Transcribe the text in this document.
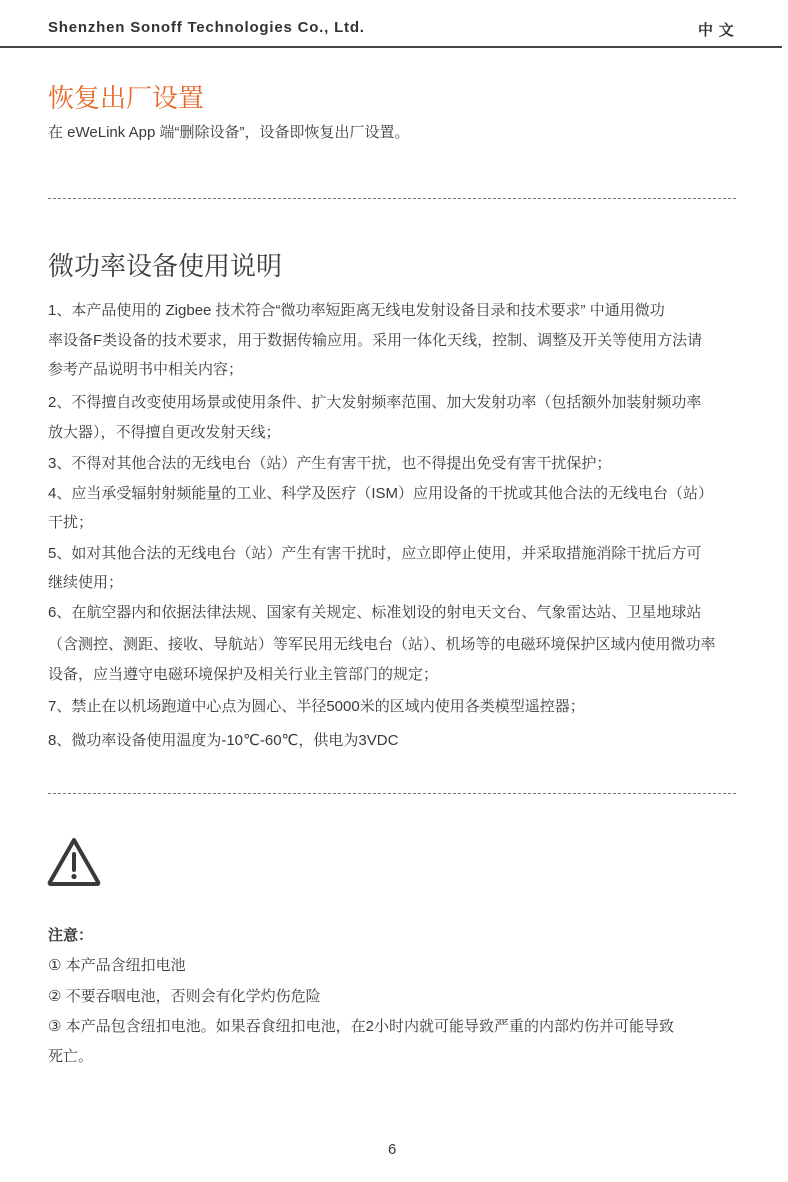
Shenzhen Sonoff Technologies Co., Ltd.	中 文
恢复出厂设置
在 eWeLink App 端“删除设备”，设备即恢复出厂设置。
微功率设备使用说明
1、本产品使用的 Zigbee 技术符合“微功率短距离无线电发射设备目录和技术要求” 中通用微功
率设备F类设备的技术要求，用于数据传输应用。采用一体化天线，控制、调整及开关等使用方法请
参考产品说明书中相关内容；
2、不得擅自改变使用场景或使用条件、扩大发射频率范围、加大发射功率（包括额外加装射频功率
放大器），不得擅自更改发射天线；
3、不得对其他合法的无线电台（站）产生有害干扰，也不得提出免受有害干扰保护；
4、应当承受辐射射频能量的工业、科学及医疗（ISM）应用设备的干扰或其他合法的无线电台（站）
干扰；
5、如对其他合法的无线电台（站）产生有害干扰时，应立即停止使用，并采取措施消除干扰后方可
继续使用；
6、在航空器内和依据法律法规、国家有关规定、标准划设的射电天文台、气象雷达站、卫星地球站
（含测控、测距、接收、导航站）等军民用无线电台（站）、机场等的电磁环境保护区域内使用微功率
设备，应当遵守电磁环境保护及相关行业主管部门的规定；
7、禁止在以机场跑道中心点为圆心、半径5000米的区域内使用各类模型遥控器；
8、微功率设备使用温度为-10℃-60℃，供电为3VDC
注意：
① 本产品含纽扣电池
② 不要吞咽电池，否则会有化学灼伤危险
③ 本产品包含纽扣电池。如果吞食纽扣电池，在2小时内就可能导致严重的内部灼伤并可能导致
死亡。
6
